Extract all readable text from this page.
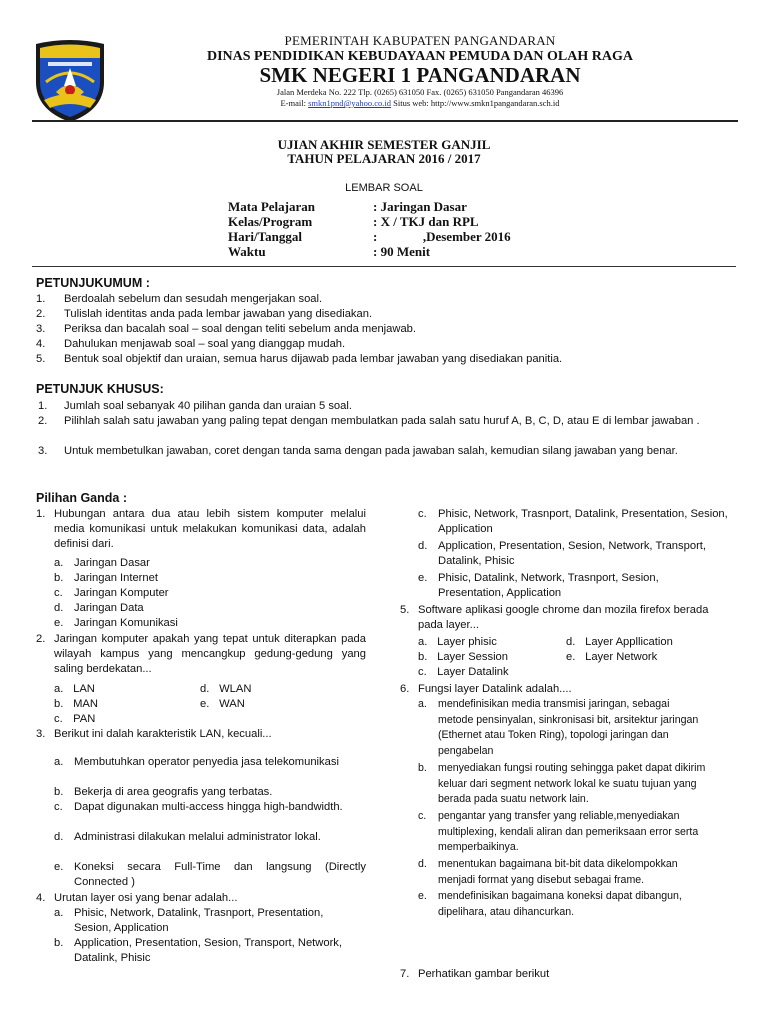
PEMERINTAH KABUPATEN PANGANDARAN

DINAS PENDIDIKAN KEBUDAYAAN PEMUDA DAN OLAH RAGA

SMK NEGERI 1 PANGANDARAN

Jalan Merdeka No. 222 Tlp. (0265) 631050 Fax. (0265) 631050 Pangandaran 46396

E-mail: smkn1pnd@yahoo.co.id Situs web: http://www.smkn1pangandaran.sch.id

UJIAN AKHIR SEMESTER GANJIL

TAHUN PELAJARAN 2016 / 2017

LEMBAR SOAL

Mata Pelajaran	: Jaringan Dasar
Kelas/Program	: X / TKJ dan RPL
Hari/Tanggal	:              ,Desember 2016
Waktu	: 90 Menit

PETUNJUKUMUM :

1. Berdoalah sebelum dan sesudah mengerjakan soal.
2. Tulislah identitas anda pada lembar jawaban yang disediakan.
3. Periksa dan bacalah soal – soal dengan teliti sebelum anda menjawab.
4. Dahulukan menjawab soal – soal yang dianggap mudah.
5. Bentuk soal objektif dan uraian, semua harus dijawab pada lembar jawaban yang disediakan panitia.

PETUNJUK KHUSUS:

1. Jumlah soal sebanyak 40 pilihan ganda dan uraian 5 soal.
2. Pilihlah salah satu jawaban yang paling tepat dengan membulatkan pada salah satu huruf A, B, C, D, atau E di lembar jawaban .
3. Untuk membetulkan jawaban, coret dengan tanda sama dengan pada jawaban salah, kemudian silang jawaban yang benar.

Pilihan Ganda :

1. Hubungan antara dua atau lebih sistem komputer melalui media komunikasi untuk melakukan komunikasi data, adalah definisi dari.
a. Jaringan Dasar
b. Jaringan Internet
c. Jaringan Komputer
d. Jaringan Data
e. Jaringan Komunikasi
2. Jaringan komputer apakah yang tepat untuk diterapkan pada wilayah kampus yang mencangkup gedung-gedung yang saling berdekatan...
a. LAN	d. WLAN
b. MAN	e. WAN
c. PAN
3. Berikut ini dalah karakteristik LAN, kecuali...
a. Membutuhkan operator penyedia jasa telekomunikasi
b. Bekerja di area geografis yang terbatas.
c. Dapat digunakan multi-access hingga high-bandwidth.
d. Administrasi dilakukan melalui administrator lokal.
e. Koneksi secara Full-Time dan langsung (Directly Connected )
4. Urutan layer osi yang benar adalah...
a. Phisic, Network, Datalink, Trasnport, Presentation, Sesion, Application
b. Application, Presentation, Sesion, Transport, Network, Datalink, Phisic
c. Phisic, Network, Trasnport, Datalink, Presentation, Sesion, Application
d. Application, Presentation, Sesion, Network, Transport, Datalink, Phisic
e. Phisic, Datalink, Network, Trasnport, Sesion, Presentation, Application
5. Software aplikasi google chrome dan mozila firefox berada pada layer...
a. Layer phisic	d. Layer Appllication
b. Layer Session	e. Layer Network
c. Layer Datalink
6. Fungsi layer Datalink adalah....
a. mendefinisikan media transmisi jaringan, sebagai metode pensinyalan, sinkronisasi bit, arsitektur jaringan (Ethernet atau Token Ring), topologi jaringan dan pengabelan
b. menyediakan fungsi routing sehingga paket dapat dikirim keluar dari segment network lokal ke suatu tujuan yang berada pada suatu network lain.
c. pengantar yang transfer yang reliable,menyediakan multiplexing, kendali aliran dan pemeriksaan error serta memperbaikinya.
d. menentukan bagaimana bit-bit data dikelompokkan menjadi format yang disebut sebagai frame.
e. mendefinisikan bagaimana koneksi dapat dibangun, dipelihara, atau dihancurkan.
7. Perhatikan gambar berikut
